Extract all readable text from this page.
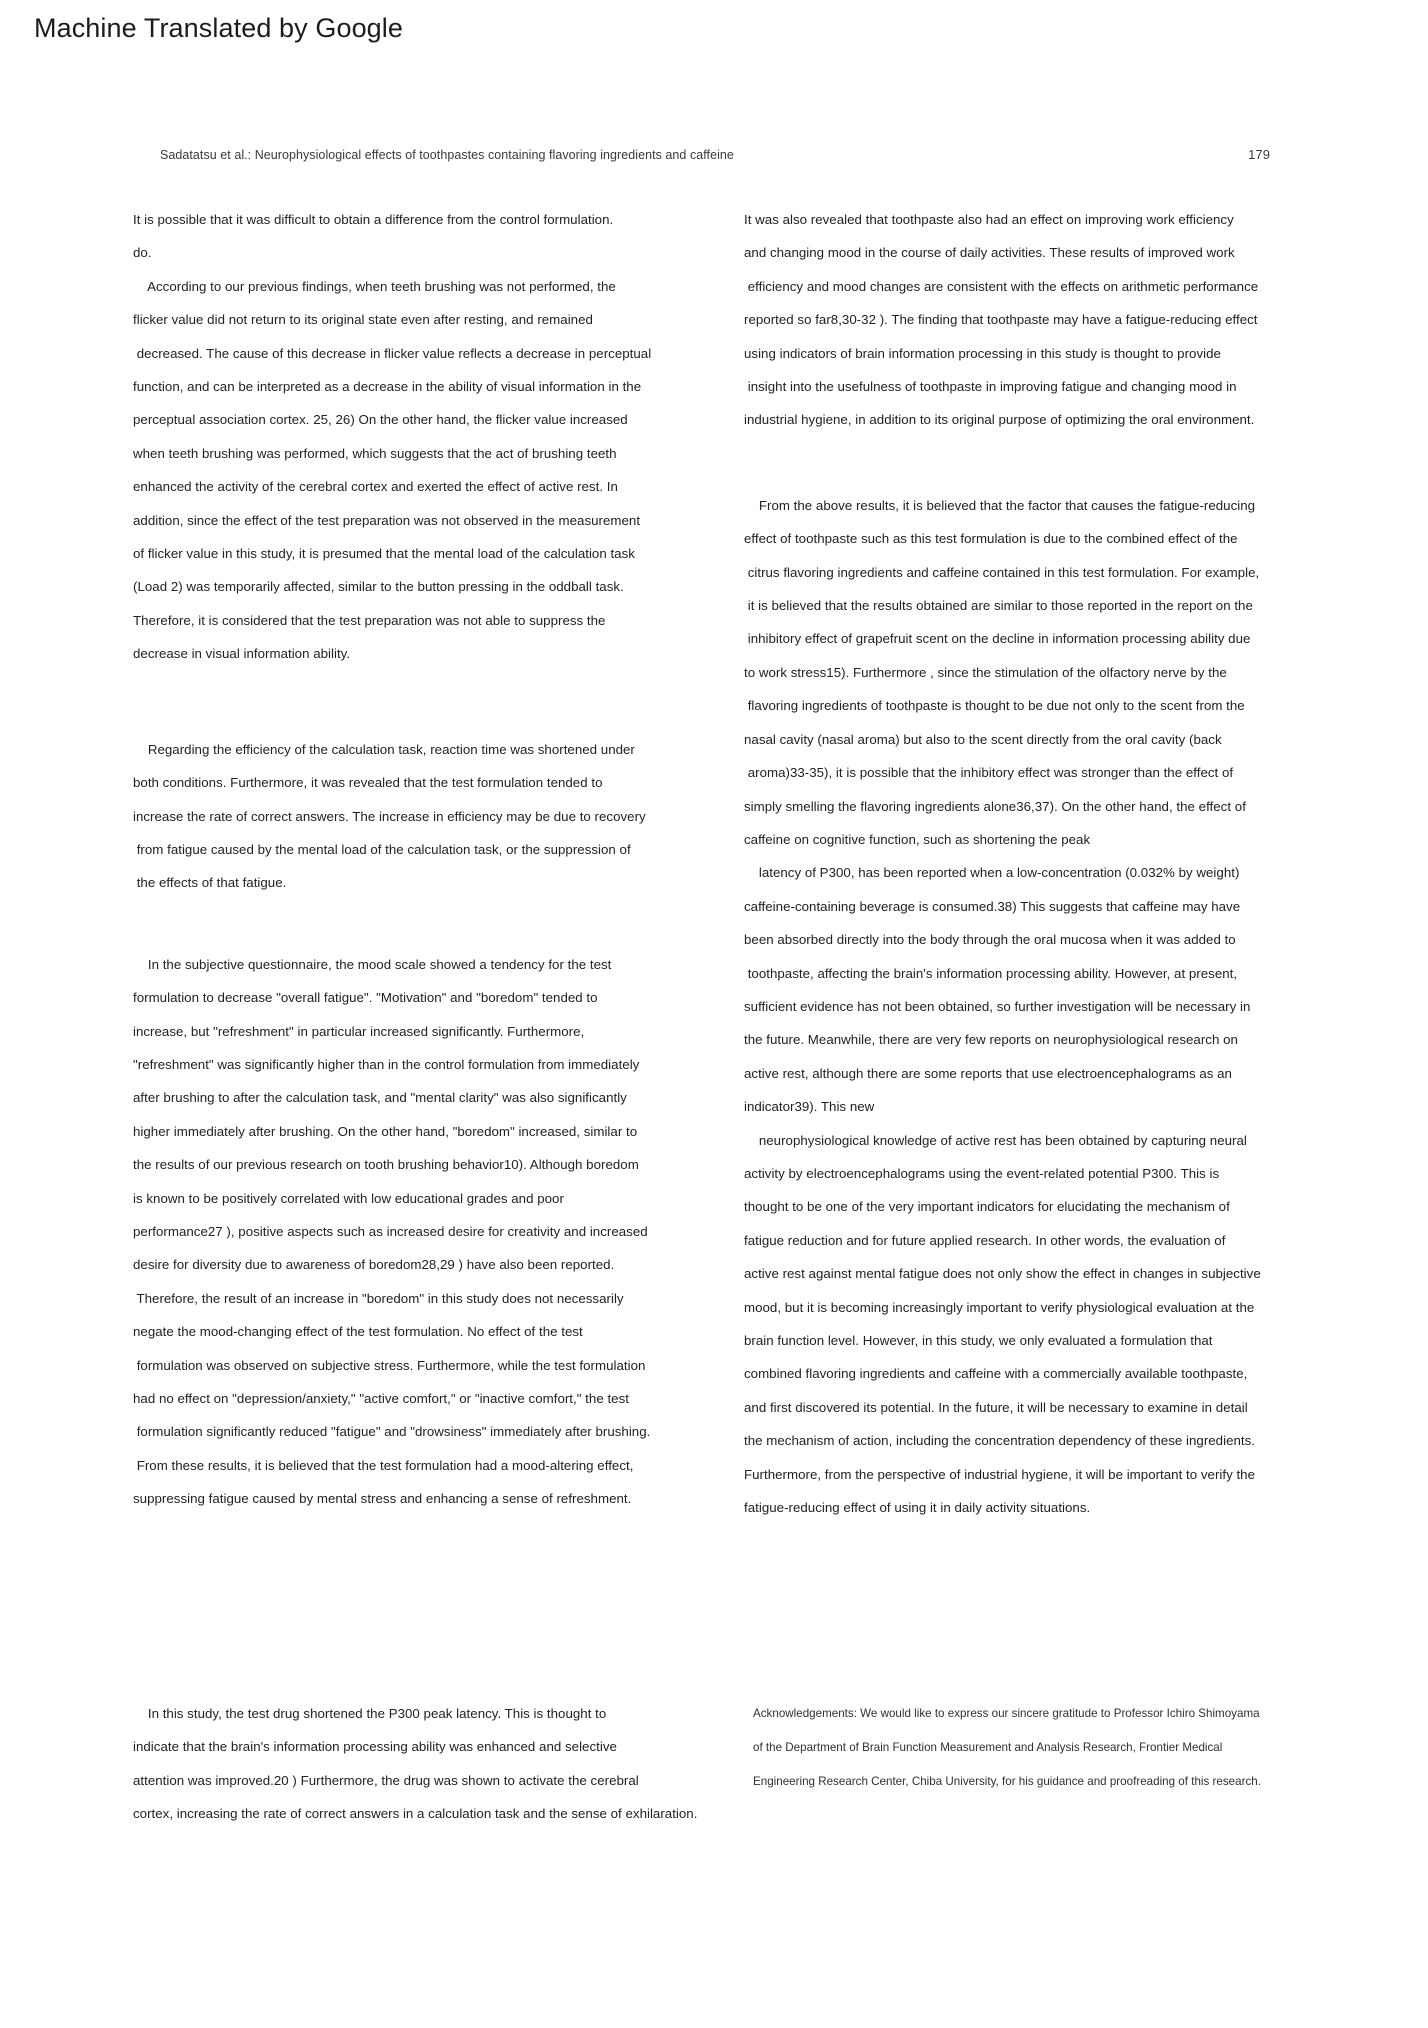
Machine Translated by Google
Sadatatsu et al.: Neurophysiological effects of toothpastes containing flavoring ingredients and caffeine	179

It is possible that it was difficult to obtain a difference from the control formulation.
do.

According to our previous findings, when teeth brushing was not performed, the
flicker value did not return to its original state even after resting, and remained
decreased. The cause of this decrease in flicker value reflects a decrease in perceptual
function, and can be interpreted as a decrease in the ability of visual information in the
perceptual association cortex. 25, 26) On the other hand, the flicker value increased
when teeth brushing was performed, which suggests that the act of brushing teeth
enhanced the activity of the cerebral cortex and exerted the effect of active rest. In
addition, since the effect of the test preparation was not observed in the measurement
of flicker value in this study, it is presumed that the mental load of the calculation task
(Load 2) was temporarily affected, similar to the button pressing in the oddball task.
Therefore, it is considered that the test preparation was not able to suppress the
decrease in visual information ability.

Regarding the efficiency of the calculation task, reaction time was shortened under
both conditions. Furthermore, it was revealed that the test formulation tended to
increase the rate of correct answers. The increase in efficiency may be due to recovery
from fatigue caused by the mental load of the calculation task, or the suppression of
the effects of that fatigue.

In the subjective questionnaire, the mood scale showed a tendency for the test
formulation to decrease "overall fatigue". "Motivation" and "boredom" tended to
increase, but "refreshment" in particular increased significantly. Furthermore,
"refreshment" was significantly higher than in the control formulation from immediately
after brushing to after the calculation task, and "mental clarity" was also significantly
higher immediately after brushing. On the other hand, "boredom" increased, similar to
the results of our previous research on tooth brushing behavior10). Although boredom
is known to be positively correlated with low educational grades and poor
performance27 ), positive aspects such as increased desire for creativity and increased
desire for diversity due to awareness of boredom28,29 ) have also been reported.
Therefore, the result of an increase in "boredom" in this study does not necessarily
negate the mood-changing effect of the test formulation. No effect of the test
formulation was observed on subjective stress. Furthermore, while the test formulation
had no effect on "depression/anxiety," "active comfort," or "inactive comfort," the test
formulation significantly reduced "fatigue" and "drowsiness" immediately after brushing.
From these results, it is believed that the test formulation had a mood-altering effect,
suppressing fatigue caused by mental stress and enhancing a sense of refreshment.

It was also revealed that toothpaste also had an effect on improving work efficiency
and changing mood in the course of daily activities. These results of improved work
efficiency and mood changes are consistent with the effects on arithmetic performance
reported so far8,30-32 ). The finding that toothpaste may have a fatigue-reducing effect
using indicators of brain information processing in this study is thought to provide
insight into the usefulness of toothpaste in improving fatigue and changing mood in
industrial hygiene, in addition to its original purpose of optimizing the oral environment.

From the above results, it is believed that the factor that causes the fatigue-reducing
effect of toothpaste such as this test formulation is due to the combined effect of the
citrus flavoring ingredients and caffeine contained in this test formulation. For example,
it is believed that the results obtained are similar to those reported in the report on the
inhibitory effect of grapefruit scent on the decline in information processing ability due
to work stress15). Furthermore , since the stimulation of the olfactory nerve by the
flavoring ingredients of toothpaste is thought to be due not only to the scent from the
nasal cavity (nasal aroma) but also to the scent directly from the oral cavity (back
aroma)33-35), it is possible that the inhibitory effect was stronger than the effect of
simply smelling the flavoring ingredients alone36,37). On the other hand, the effect of
caffeine on cognitive function, such as shortening the peak

latency of P300, has been reported when a low-concentration (0.032% by weight)
caffeine-containing beverage is consumed.38) This suggests that caffeine may have
been absorbed directly into the body through the oral mucosa when it was added to
toothpaste, affecting the brain's information processing ability. However, at present,
sufficient evidence has not been obtained, so further investigation will be necessary in
the future. Meanwhile, there are very few reports on neurophysiological research on
active rest, although there are some reports that use electroencephalograms as an
indicator39). This new

neurophysiological knowledge of active rest has been obtained by capturing neural
activity by electroencephalograms using the event-related potential P300. This is
thought to be one of the very important indicators for elucidating the mechanism of
fatigue reduction and for future applied research. In other words, the evaluation of
active rest against mental fatigue does not only show the effect in changes in subjective
mood, but it is becoming increasingly important to verify physiological evaluation at the
brain function level. However, in this study, we only evaluated a formulation that
combined flavoring ingredients and caffeine with a commercially available toothpaste,
and first discovered its potential. In the future, it will be necessary to examine in detail
the mechanism of action, including the concentration dependency of these ingredients.
Furthermore, from the perspective of industrial hygiene, it will be important to verify the
fatigue-reducing effect of using it in daily activity situations.

In this study, the test drug shortened the P300 peak latency. This is thought to
indicate that the brain's information processing ability was enhanced and selective
attention was improved.20 ) Furthermore, the drug was shown to activate the cerebral
cortex, increasing the rate of correct answers in a calculation task and the sense of exhilaration.

Acknowledgements: We would like to express our sincere gratitude to Professor Ichiro Shimoyama
of the Department of Brain Function Measurement and Analysis Research, Frontier Medical
Engineering Research Center, Chiba University, for his guidance and proofreading of this research.
